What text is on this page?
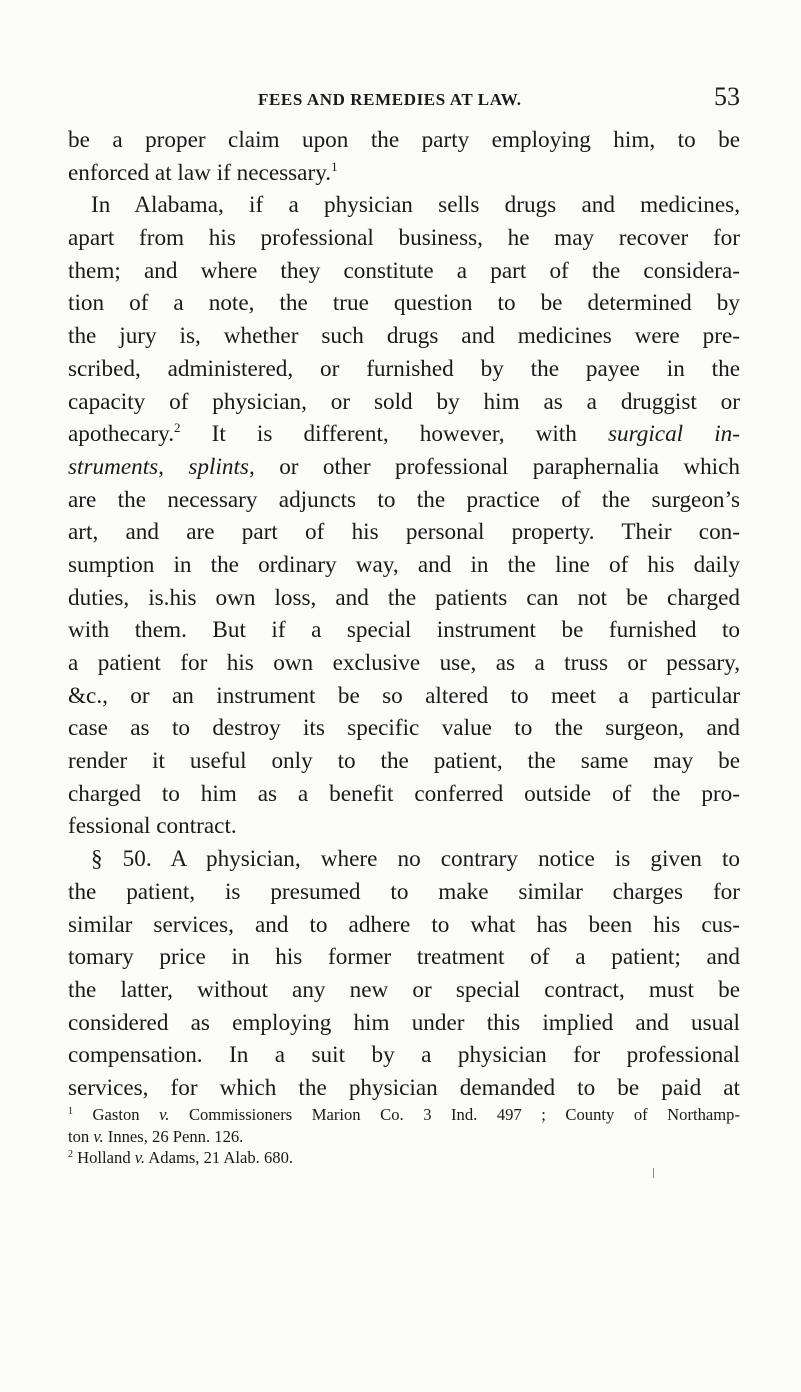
FEES AND REMEDIES AT LAW.	53
be a proper claim upon the party employing him, to be
enforced at law if necessary.$^1$
In Alabama, if a physician sells drugs and medicines,
apart from his professional business, he may recover for
them; and where they constitute a part of the considera-
tion of a note, the true question to be determined by
the jury is, whether such drugs and medicines were pre-
scribed, administered, or furnished by the payee in the
capacity of physician, or sold by him as a druggist or
apothecary.$^2$ It is different, however, with surgical in-
struments, splints, or other professional paraphernalia which
are the necessary adjuncts to the practice of the surgeon’s
art, and are part of his personal property. Their con-
sumption in the ordinary way, and in the line of his daily
duties, is.his own loss, and the patients can not be charged
with them. But if a special instrument be furnished to
a patient for his own exclusive use, as a truss or pessary,
&c., or an instrument be so altered to meet a particular
case as to destroy its specific value to the surgeon, and
render it useful only to the patient, the same may be
charged to him as a benefit conferred outside of the pro-
fessional contract.
§ 50. A physician, where no contrary notice is given to
the patient, is presumed to make similar charges for
similar services, and to adhere to what has been his cus-
tomary price in his former treatment of a patient; and
the latter, without any new or special contract, must be
considered as employing him under this implied and usual
compensation. In a suit by a physician for professional
services, for which the physician demanded to be paid at
$^1$ Gaston v. Commissioners Marion Co. 3 Ind. 497 ; County of Northamp-
ton v. Innes, 26 Penn. 126.
$^2$ Holland v. Adams, 21 Alab. 680.
